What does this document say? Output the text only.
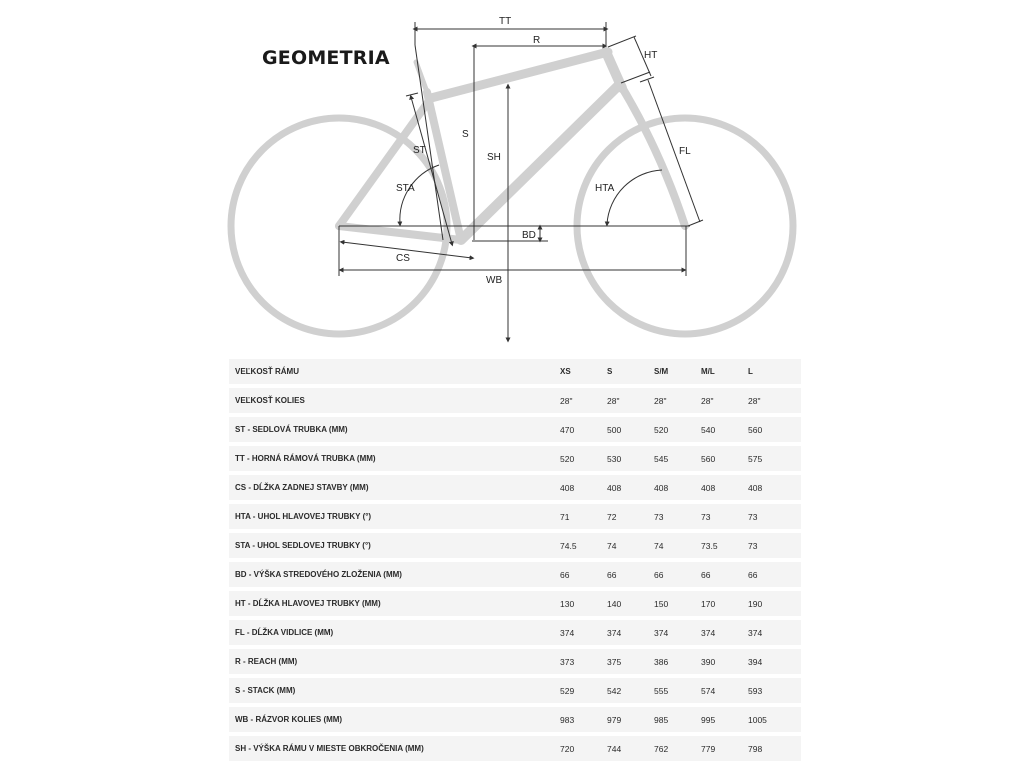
GEOMETRIA
TT
R
HT
S
SH
ST
STA
FL
HTA
BD
CS
WB
VEĽKOSŤ RÁMU	XS	S	S/M	M/L	L
VEĽKOSŤ KOLIES	28"	28"	28"	28"	28"
ST - SEDLOVÁ TRUBKA (MM)	470	500	520	540	560
TT - HORNÁ RÁMOVÁ TRUBKA (MM)	520	530	545	560	575
CS - DĹŽKA ZADNEJ STAVBY (MM)	408	408	408	408	408
HTA - UHOL HLAVOVEJ TRUBKY (°)	71	72	73	73	73
STA - UHOL SEDLOVEJ TRUBKY (°)	74.5	74	74	73.5	73
BD - VÝŠKA STREDOVÉHO ZLOŽENIA (MM)	66	66	66	66	66
HT - DĹŽKA HLAVOVEJ TRUBKY (MM)	130	140	150	170	190
FL - DĹŽKA VIDLICE (MM)	374	374	374	374	374
R - REACH (MM)	373	375	386	390	394
S - STACK (MM)	529	542	555	574	593
WB - RÁZVOR KOLIES (MM)	983	979	985	995	1005
SH - VÝŠKA RÁMU V MIESTE OBKROČENIA (MM)	720	744	762	779	798
